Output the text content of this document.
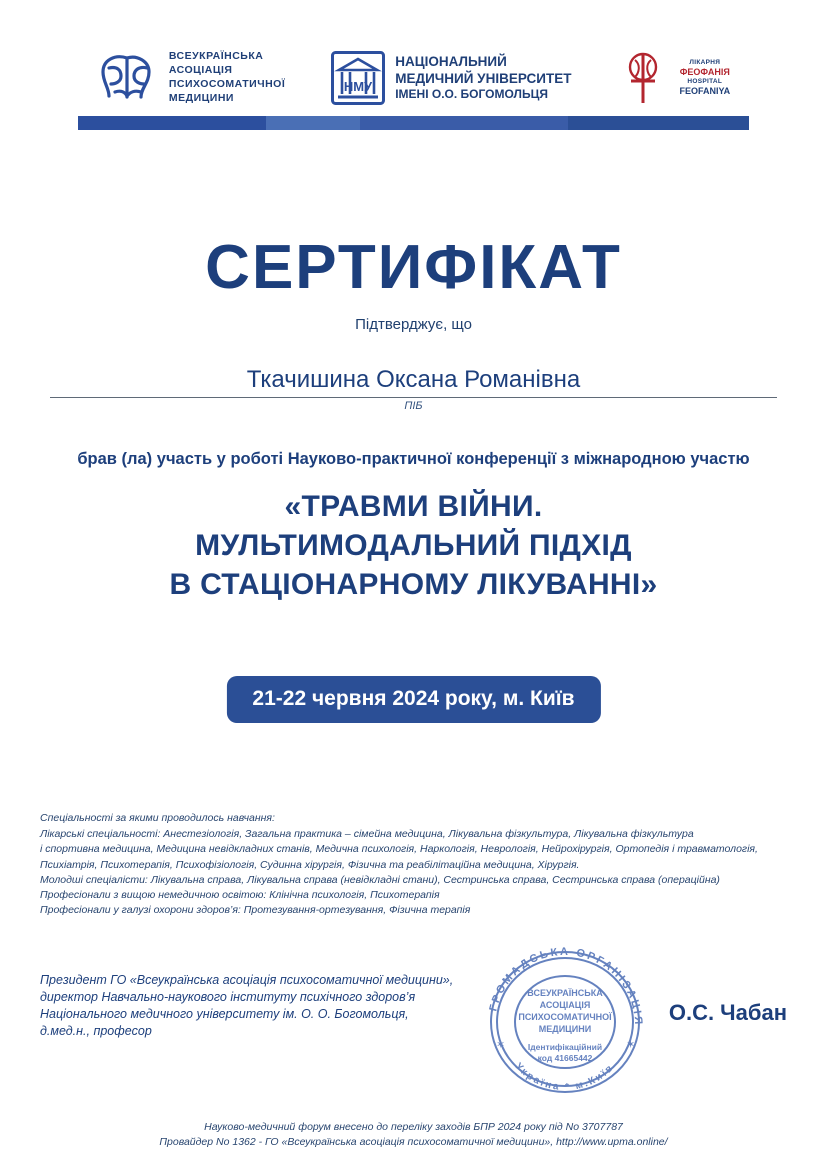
ВСЕУКРАЇНСЬКА
АСОЦІАЦІЯ
ПСИХОСОМАТИЧНОЇ
МЕДИЦИНИ
НМУ
НАЦІОНАЛЬНИЙ
МЕДИЧНИЙ УНІВЕРСИТЕТ
ІМЕНІ О.О. БОГОМОЛЬЦЯ
ЛІКАРНЯ
ФЕОФАНІЯ
HOSPITAL
FEOFANIYA
СЕРТИФІКАТ
Підтверджує, що
Ткачишина Оксана Романівна
ПІБ
брав (ла) участь у роботі Науково-практичної конференції з міжнародною участю
«ТРАВМИ ВІЙНИ.
МУЛЬТИМОДАЛЬНИЙ ПІДХІД
В СТАЦІОНАРНОМУ ЛІКУВАННІ»
21-22 червня 2024 року, м. Київ

Спеціальності за якими проводилось навчання:

Лікарські спеціальності: Анестезіологія, Загальна практика – сімейна медицина, Лікувальна фізкультура, Лікувальна фізкультура

і спортивна медицина, Медицина невідкладних станів, Медична психологія, Наркологія, Неврологія, Нейрохірургія, Ортопедія і травматологія,

Психіатрія, Психотерапія, Психофізіологія, Судинна хірургія, Фізична та реабілітаційна медицина, Хірургія.

Молодші спеціалісти: Лікувальна справа, Лікувальна справа (невідкладні стани), Сестринська справа, Сестринська справа (операційна)

Професіонали з вищою немедичною освітою: Клінічна психологія, Психотерапія

Професіонали у галузі охорони здоров’я: Протезування-ортезування, Фізична терапія

Президент ГО «Всеукраїнська асоціація психосоматичної медицини»,
директор Навчально-наукового інституту психічного здоров’я
Національного медичного університету ім. О. О. Богомольця,
д.мед.н., професор
О.С. Чабан
ГРОМАДСЬКА ОРГАНІЗАЦІЯ
Україна * м.Київ
ВСЕУКРАЇНСЬКА
АСОЦІАЦІЯ
ПСИХОСОМАТИЧНОЇ
МЕДИЦИНИ
Ідентифікаційний
код 41665442
✶	✶
Науково-медичний форум внесено до переліку заходів БПР 2024 року під No 3707787
Провайдер No 1362 - ГО «Всеукраїнська асоціація психосоматичної медицини», http://www.upma.online/
